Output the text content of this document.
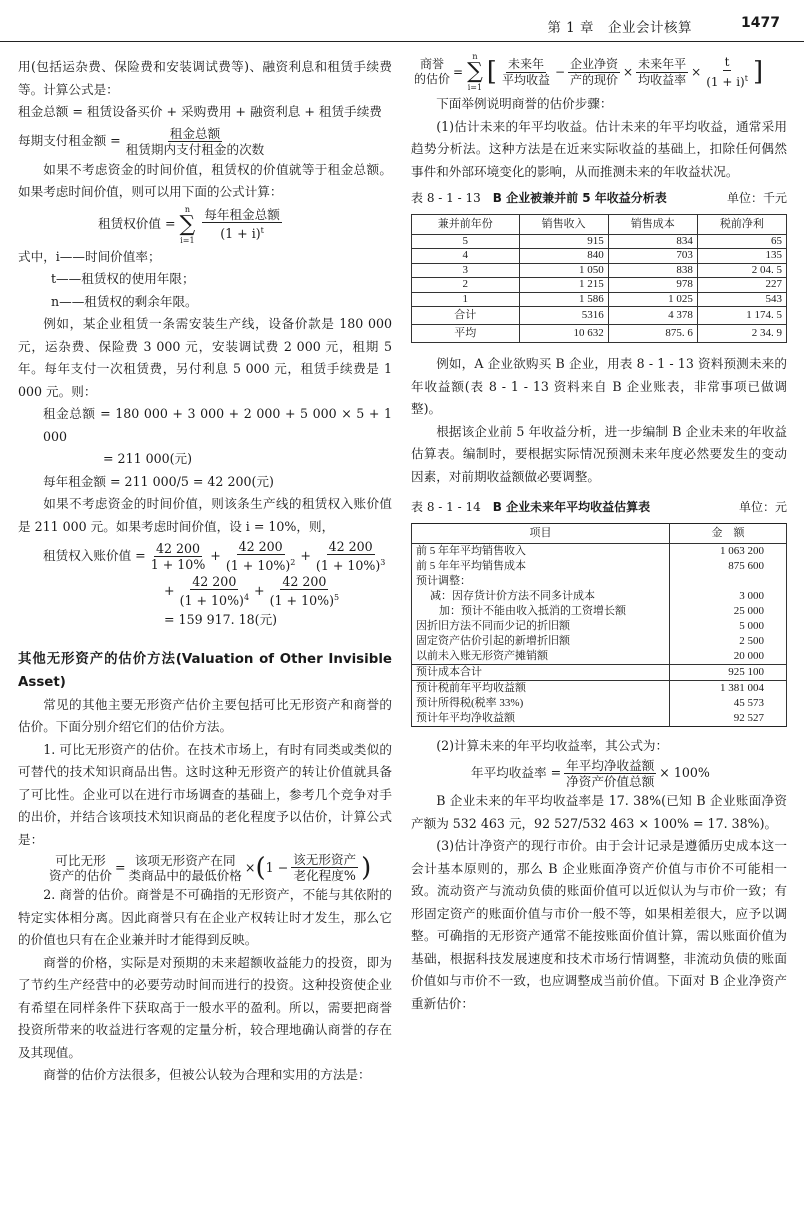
第 1 章　企业会计核算	1477

用(包括运杂费、保险费和安装调试费等)、融资利息和租赁手续费等。计算公式是：

租金总额 = 租赁设备买价 + 采购费用 + 融资利息 + 租赁手续费

每期支付租金额 = $\frac{\text{租金总额}}{\text{租赁期内支付租金的次数}}$

如果不考虑资金的时间价值，租赁权的价值就等于租金总额。如果考虑时间价值，则可以用下面的公式计算：

租赁权价值 =
n
∑
$i=1 \frac{\text{每年租金总额}}{(1 + i)^t}$

式中，i——时间价值率；

t——租赁权的使用年限；

n——租赁权的剩余年限。

例如，某企业租赁一条需安装生产线，设备价款是 180 000元，运杂费、保险费 3 000 元，安装调试费 2 000 元，租期 5 年。每年支付一次租赁费，另付利息 5 000 元，租赁手续费是 1 000 元。则：

租金总额 = 180 000 + 3 000 + 2 000 + 5 000 × 5 + 1 000

= 211 000(元)

每年租金额 = 211 000/5 = 42 200(元)

如果不考虑资金的时间价值，则该条生产线的租赁权入账价值是 211 000 元。如果考虑时间价值，设 i = 10%，则，

租赁权入账价值 = $\frac{42 200}{1 + 10\%} + \frac{42 200}{(1 + 10\%)^2} + \frac{42 200}{(1 + 10\%)^3}$
+ $\frac{42 200}{(1 + 10\%)^4} + \frac{42 200}{(1 + 10\%)^5}$

= 159 917. 18(元)

其他无形资产的估价方法(Valuation of Other Invisible Asset)

常见的其他主要无形资产估价主要包括可比无形资产和商誉的估价。下面分别介绍它们的估价方法。

1. 可比无形资产的估价。在技术市场上，有时有同类或类似的可替代的技术知识商品出售。这时这种无形资产的转让价值就具备了可比性。企业可以在进行市场调查的基础上，参考几个竞争对手的出价，并结合该项技术知识商品的老化程度予以估价，计算公式是：

可比无形
资产的估价
= 该项无形资产在同
类商品中的最低价格
× ( $1 - \frac{\text{该无形资产}}{\text{老化程度\%}}$ )

2. 商誉的估价。商誉是不可确指的无形资产，不能与其依附的特定实体相分离。因此商誉只有在企业产权转让时才发生，那么它的价值也只有在企业兼并时才能得到反映。

商誉的价格，实际是对预期的未来超额收益能力的投资，即为了节约生产经营中的必要劳动时间而进行的投资。这种投资使企业有希望在同样条件下获取高于一般水平的盈利。所以，需要把商誉投资所带来的收益进行客观的定量分析，较合理地确认商誉的存在及其现值。

商誉的估价方法很多，但被公认较为合理和实用的方法是：

商誉
的估价
=
n
∑
i=1
[ $\frac{\text{未来年}}{\text{平均收益}} - \frac{\text{企业净资}}{\text{产的现价}} \times \frac{\text{未来年平}}{\text{均收益率}} \times \frac{t}{(1 + i)^t}$ ]

下面举例说明商誉的估价步骤：

(1)估计未来的年平均收益。估计未来的年平均收益，通常采用趋势分析法。这种方法是在近来实际收益的基础上，扣除任何偶然事件和外部环境变化的影响，从而推测未来的年收益状况。

表 8 - 1 - 13　 B 企业被兼并前 5 年收益分析表	单位：千元
兼并前年份	销售收入	销售成本	税前净利
5	915	834	65
4	840	703	135
3	1 050	838	2 04. 5
2	1 215	978	227
1	1 586	1 025	543
合计	5316	4 378	1 174. 5
平均	10 632	875. 6	2 34. 9

例如，A 企业欲购买 B 企业，用表 8 - 1 - 13 资料预测未来的年收益额(表 8 - 1 - 13 资料来自 B 企业账表，非常事项已做调整)。

根据该企业前 5 年收益分析，进一步编制 B 企业未来的年收益估算表。编制时，要根据实际情况预测未来年度必然要发生的变动因素，对前期收益额做必要调整。

表 8 - 1 - 14　 B 企业未来年平均收益估算表	单位：元
项目	金　额
前 5 年年平均销售收入	1 063 200
前 5 年年平均销售成本	875 600
预计调整：	
减：因存货计价方法不同多计成本	3 000
加：预计不能由收入抵消的工资增长额	25 000
因折旧方法不同而少记的折旧额	5 000
固定资产估价引起的新增折旧额	2 500
以前未入账无形资产摊销额	20 000
预计成本合计	925 100
预计税前年平均收益额	1 381 004
预计所得税(税率 33%)	45 573
预计年平均净收益额	92 527

(2)计算未来的年平均收益率，其公式为：

年平均收益率 = $\frac{\text{年平均净收益额}}{\text{净资产价值总额}} \times 100\%$

B 企业未来的年平均收益率是 17. 38%(已知 B 企业账面净资产额为 532 463 元，92 527/532 463 × 100% = 17. 38%)。

(3)估计净资产的现行市价。由于会计记录是遵循历史成本这一会计基本原则的，那么 B 企业账面净资产价值与市价不可能相一致。流动资产与流动负债的账面价值可以近似认为与市价一致；有形固定资产的账面价值与市价一般不等，如果相差很大，应予以调整。可确指的无形资产通常不能按账面价值计算，需以账面价值为基础，根据科技发展速度和技术市场行情调整，非流动负债的账面价值如与市价不一致，也应调整成当前价值。下面对 B 企业净资产重新估价：
